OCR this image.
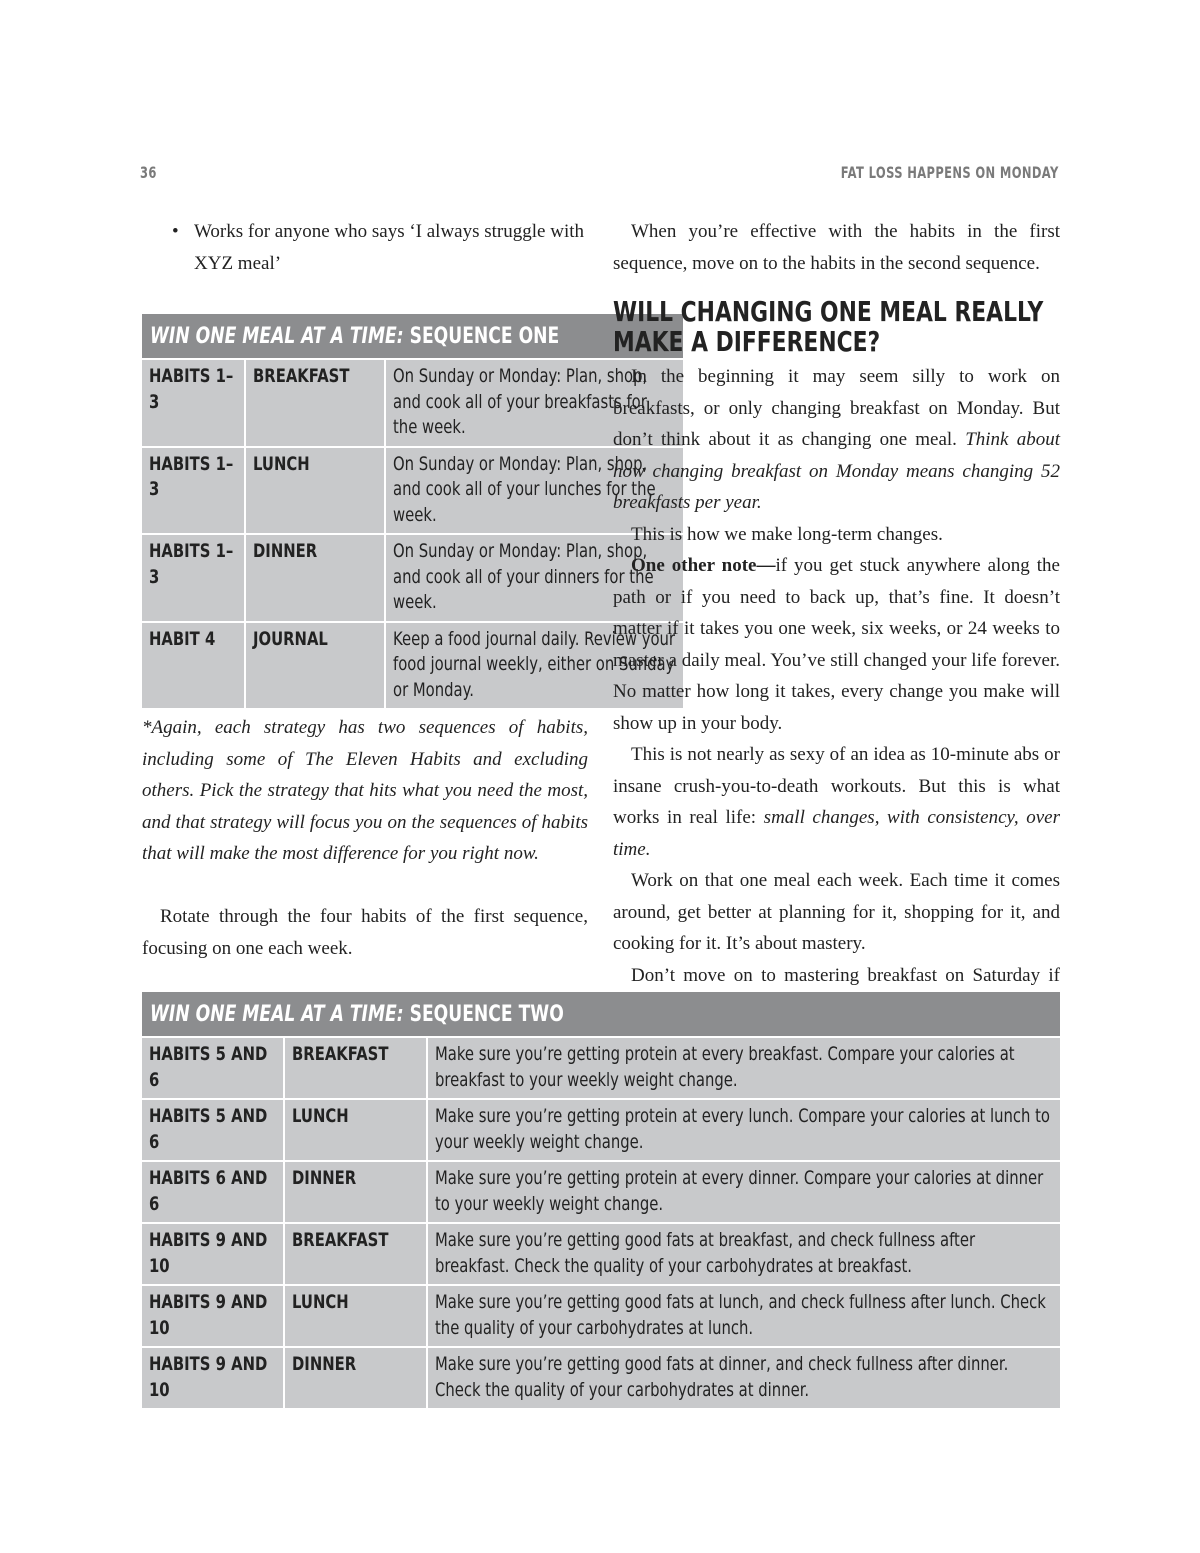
36	FAT LOSS HAPPENS ON MONDAY
• Works for anyone who says ‘I always struggle with XYZ meal’
WIN ONE MEAL AT A TIME: SEQUENCE ONE		

HABITS 1–3	BREAKFAST	On Sunday or Monday: Plan, shop, and cook all of your breakfasts for the week.

HABITS 1–3	LUNCH	On Sunday or Monday: Plan, shop, and cook all of your lunches for the week.

HABITS 1–3	DINNER	On Sunday or Monday: Plan, shop, and cook all of your dinners for the week.

HABIT 4	JOURNAL	Keep a food journal daily. Review your food journal weekly, either on Sunday or Monday.

*Again, each strategy has two sequences of habits, including some of The Eleven Habits and excluding others. Pick the strategy that hits what you need the most, and that strategy will focus you on the sequences of habits that will make the most difference for you right now.

Rotate through the four habits of the first sequence, focusing on one each week.

When you’re effective with the habits in the first sequence, move on to the habits in the second sequence.

WILL CHANGING ONE MEAL REALLY MAKE A DIFFERENCE?

In the beginning it may seem silly to work on breakfasts, or only changing breakfast on Monday. But don’t think about it as changing one meal. Think about how changing breakfast on Monday means changing 52 breakfasts per year.

This is how we make long-term changes.

One other note—if you get stuck anywhere along the path or if you need to back up, that’s fine. It doesn’t matter if it takes you one week, six weeks, or 24 weeks to master a daily meal. You’ve still changed your life forever. No matter how long it takes, every change you make will show up in your body.

This is not nearly as sexy of an idea as 10-minute abs or insane crush-you-to-death workouts. But this is what works in real life: small changes, with consistency, over time.

Work on that one meal each week. Each time it comes around, get better at planning for it, shopping for it, and cooking for it. It’s about mastery.

Don’t move on to mastering breakfast on Saturday if

WIN ONE MEAL AT A TIME: SEQUENCE TWO		

HABITS 5 AND 6	BREAKFAST	Make sure you’re getting protein at every breakfast. Compare your calories at breakfast to your weekly weight change.

HABITS 5 AND 6	LUNCH	Make sure you’re getting protein at every lunch. Compare your calories at lunch to your weekly weight change.

HABITS 6 AND 6	DINNER	Make sure you’re getting protein at every dinner. Compare your calories at dinner to your weekly weight change.

HABITS 9 AND 10	BREAKFAST	Make sure you’re getting good fats at breakfast, and check fullness after breakfast. Check the quality of your carbohydrates at breakfast.

HABITS 9 AND 10	LUNCH	Make sure you’re getting good fats at lunch, and check fullness after lunch. Check the quality of your carbohydrates at lunch.

HABITS 9 AND 10	DINNER	Make sure you’re getting good fats at dinner, and check fullness after dinner. Check the quality of your carbohydrates at dinner.
